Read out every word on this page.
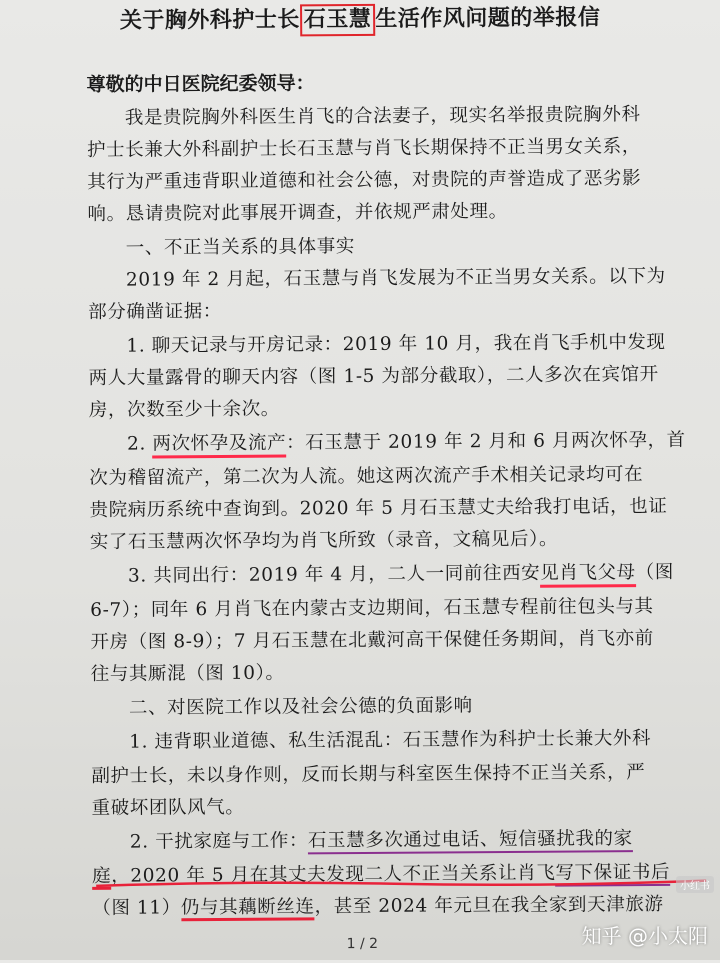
关于胸外科护士长 石玉慧 生活作风问题的举报信
尊敬的中日医院纪委领导：
我是贵院胸外科医生肖飞的合法妻子，现实名举报贵院胸外科
护士长兼大外科副护士长石玉慧与肖飞长期保持不正当男女关系，
其行为严重违背职业道德和社会公德，对贵院的声誉造成了恶劣影
响。恳请贵院对此事展开调查，并依规严肃处理。
一、不正当关系的具体事实
2019 年 2 月起，石玉慧与肖飞发展为不正当男女关系。以下为
部分确凿证据：
1. 聊天记录与开房记录：2019 年 10 月，我在肖飞手机中发现
两人大量露骨的聊天内容（图 1-5 为部分截取），二人多次在宾馆开
房，次数至少十余次。
2. 两次怀孕及流产：石玉慧于 2019 年 2 月和 6 月两次怀孕，首
次为稽留流产，第二次为人流。她这两次流产手术相关记录均可在
贵院病历系统中查询到。2020 年 5 月石玉慧丈夫给我打电话，也证
实了石玉慧两次怀孕均为肖飞所致（录音，文稿见后）。
3. 共同出行：2019 年 4 月，二人一同前往西安见肖飞父母（图
6-7）；同年 6 月肖飞在内蒙古支边期间，石玉慧专程前往包头与其
开房（图 8-9）；7 月石玉慧在北戴河高干保健任务期间，肖飞亦前
往与其厮混（图 10）。
二、对医院工作以及社会公德的负面影响
1. 违背职业道德、私生活混乱：石玉慧作为科护士长兼大外科
副护士长，未以身作则，反而长期与科室医生保持不正当关系，严
重破坏团队风气。
2. 干扰家庭与工作：石玉慧多次通过电话、短信骚扰我的家
庭，2020 年 5 月在其丈夫发现二人不正当关系让肖飞写下保证书后
（图 11）仍与其藕断丝连，甚至 2024 年元旦在我全家到天津旅游
1 / 2
小红书
知乎 @小太阳
